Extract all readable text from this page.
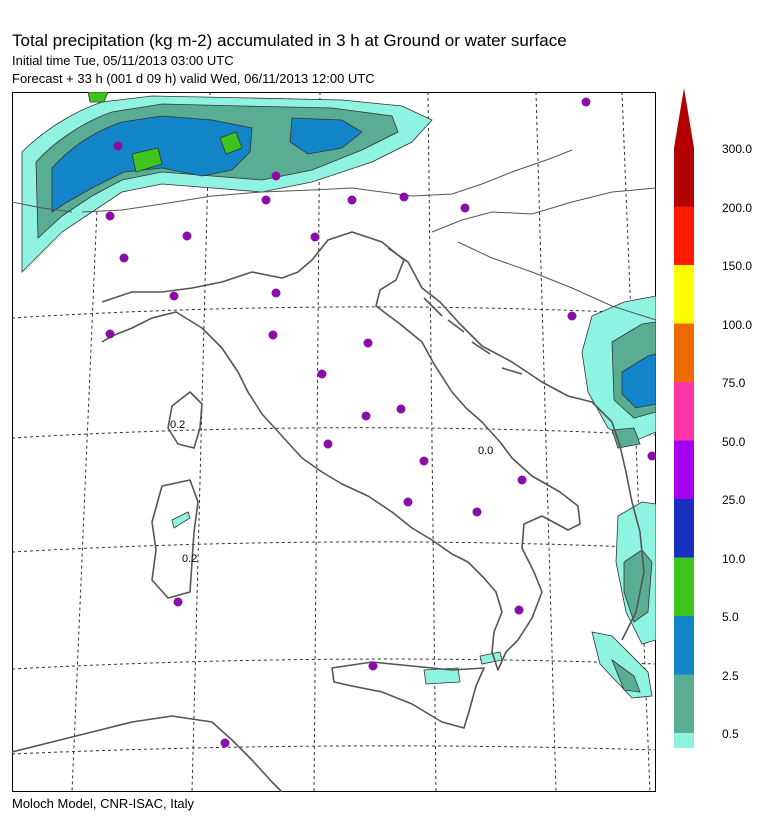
Total precipitation (kg m-2) accumulated in 3 h at Ground or water surface
Initial time Tue, 05/11/2013 03:00 UTC
Forecast + 33 h (001 d 09 h) valid Wed, 06/11/2013 12:00 UTC
0.2
0.0
0.2
300.0
200.0
150.0
100.0
75.0
50.0
25.0
10.0
5.0
2.5
0.5
Moloch Model, CNR-ISAC, Italy
